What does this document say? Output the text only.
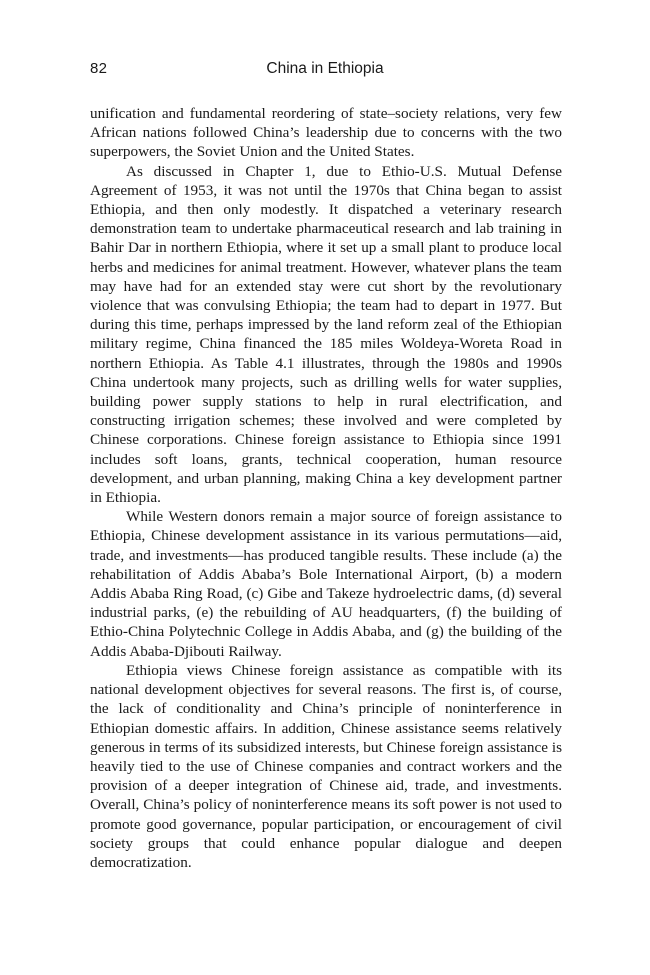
82	China in Ethiopia

unification and fundamental reordering of state–society relations, very few African nations followed China’s leadership due to concerns with the two superpowers, the Soviet Union and the United States.

As discussed in Chapter 1, due to Ethio-U.S. Mutual Defense Agreement of 1953, it was not until the 1970s that China began to assist Ethiopia, and then only modestly. It dispatched a veterinary research demonstration team to undertake pharmaceutical research and lab training in Bahir Dar in northern Ethiopia, where it set up a small plant to produce local herbs and medicines for animal treatment. However, whatever plans the team may have had for an extended stay were cut short by the revolutionary violence that was convulsing Ethiopia; the team had to depart in 1977. But during this time, perhaps impressed by the land reform zeal of the Ethiopian military regime, China financed the 185 miles Woldeya-Woreta Road in northern Ethiopia. As Table 4.1 illustrates, through the 1980s and 1990s China undertook many projects, such as drilling wells for water supplies, building power supply stations to help in rural electrification, and constructing irrigation schemes; these involved and were completed by Chinese corporations. Chinese foreign assistance to Ethiopia since 1991 includes soft loans, grants, technical cooperation, human resource development, and urban planning, making China a key development partner in Ethiopia.

While Western donors remain a major source of foreign assistance to Ethiopia, Chinese development assistance in its various permutations—aid, trade, and investments—has produced tangible results. These include (a) the rehabilitation of Addis Ababa’s Bole International Airport, (b) a modern Addis Ababa Ring Road, (c) Gibe and Takeze hydroelectric dams, (d) several industrial parks, (e) the rebuilding of AU headquarters, (f) the building of Ethio-China Polytechnic College in Addis Ababa, and (g) the building of the Addis Ababa-Djibouti Railway.

Ethiopia views Chinese foreign assistance as compatible with its national development objectives for several reasons. The first is, of course, the lack of conditionality and China’s principle of noninterference in Ethiopian domestic affairs. In addition, Chinese assistance seems relatively generous in terms of its subsidized interests, but Chinese foreign assistance is heavily tied to the use of Chinese companies and contract workers and the provision of a deeper integration of Chinese aid, trade, and investments. Overall, China’s policy of noninterference means its soft power is not used to promote good governance, popular participation, or encouragement of civil society groups that could enhance popular dialogue and deepen democratization.
